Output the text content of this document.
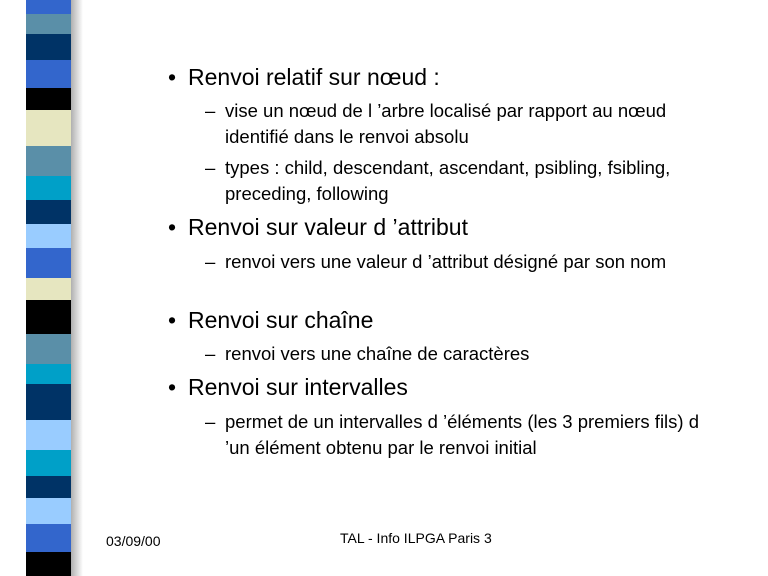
• Renvoi relatif sur nœud :
– vise un nœud de l ’arbre localisé par rapport au nœud identifié dans le renvoi absolu
– types : child, descendant, ascendant, psibling, fsibling, preceding, following
• Renvoi sur valeur d ’attribut
– renvoi vers une valeur d ’attribut désigné par son nom
• Renvoi sur chaîne
– renvoi vers une chaîne de caractères
• Renvoi sur intervalles
– permet de un intervalles d ’éléments (les 3 premiers fils) d ’un élément obtenu par le renvoi initial
03/09/00	TAL - Info ILPGA Paris 3
